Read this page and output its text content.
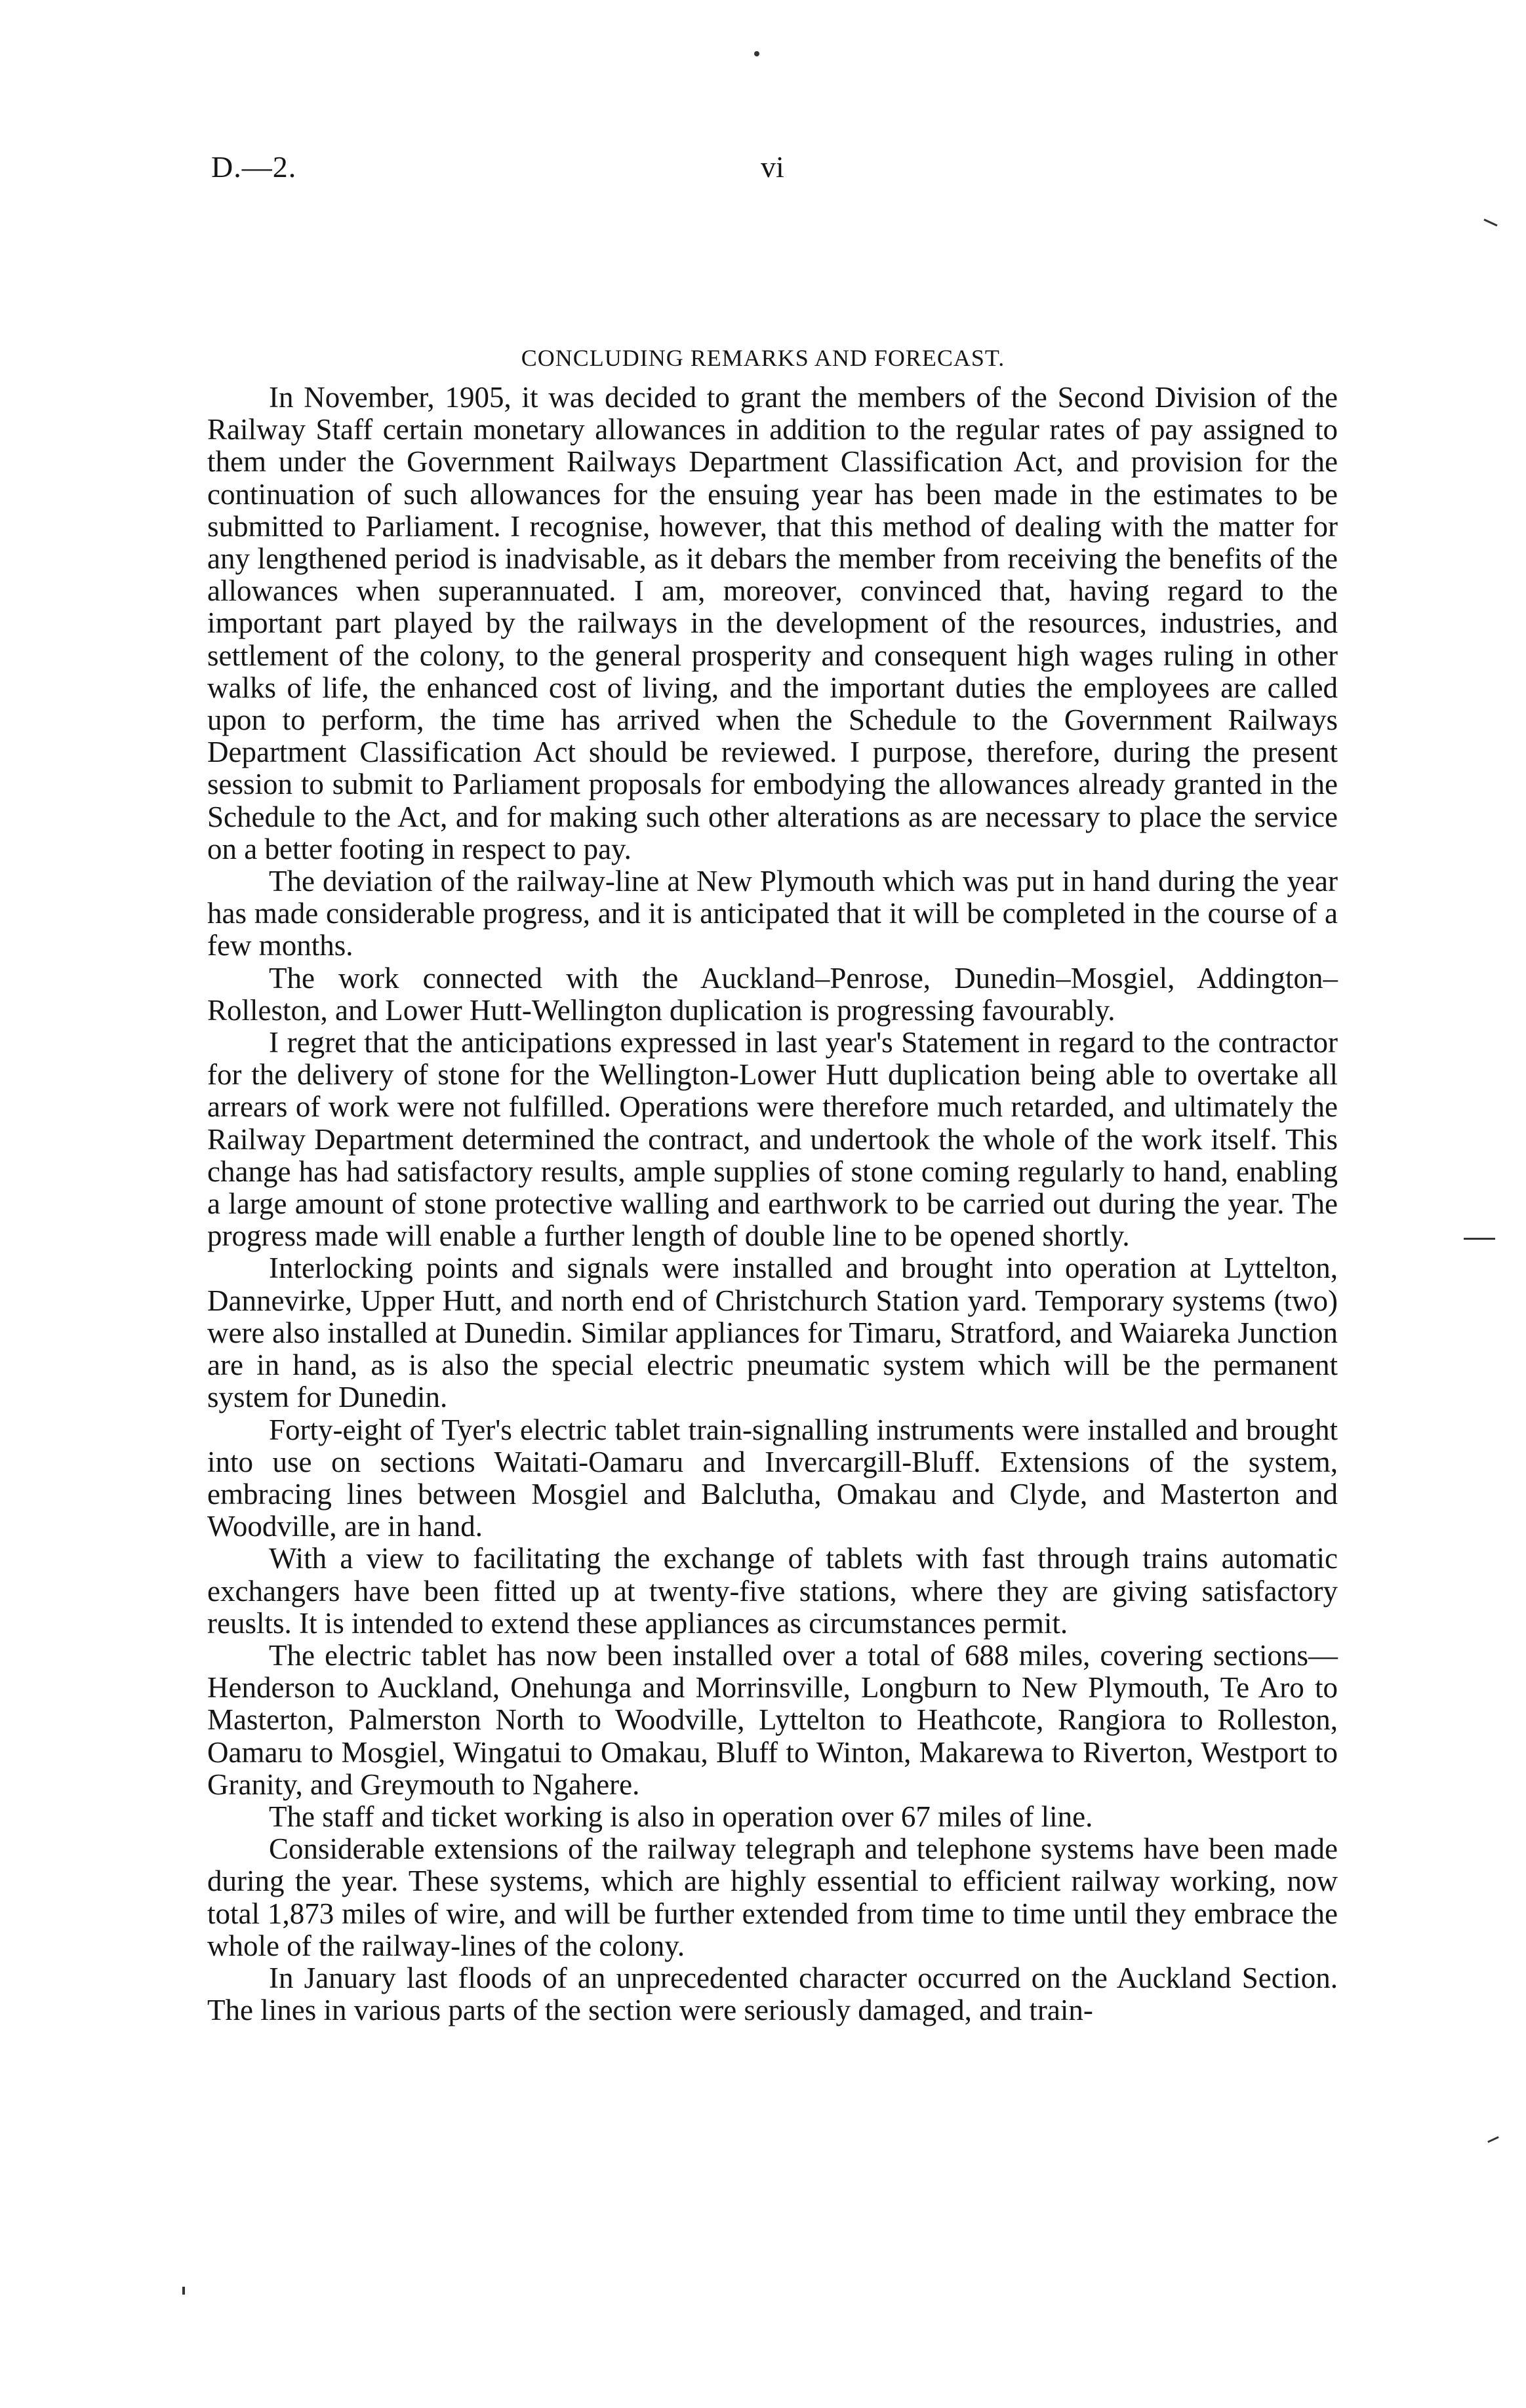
D.—2.	vi
CONCLUDING REMARKS AND FORECAST.

In November, 1905, it was decided to grant the members of the Second Division of the Railway Staff certain monetary allowances in addition to the regular rates of pay assigned to them under the Government Railways Department Classification Act, and provision for the continuation of such allowances for the ensuing year has been made in the estimates to be submitted to Parliament. I recognise, however, that this method of dealing with the matter for any lengthened period is inadvisable, as it debars the member from receiving the benefits of the allowances when superannuated. I am, moreover, convinced that, having regard to the important part played by the railways in the development of the resources, industries, and settlement of the colony, to the general prosperity and consequent high wages ruling in other walks of life, the enhanced cost of living, and the important duties the employees are called upon to perform, the time has arrived when the Schedule to the Government Railways Department Classification Act should be reviewed. I purpose, therefore, during the present session to submit to Parliament proposals for embodying the allowances already granted in the Schedule to the Act, and for making such other alterations as are necessary to place the service on a better footing in respect to pay.

The deviation of the railway-line at New Plymouth which was put in hand during the year has made considerable progress, and it is anticipated that it will be completed in the course of a few months.

The work connected with the Auckland–Penrose, Dunedin–Mosgiel, Addington–Rolleston, and Lower Hutt-Wellington duplication is progressing favourably.

I regret that the anticipations expressed in last year's Statement in regard to the contractor for the delivery of stone for the Wellington-Lower Hutt duplication being able to overtake all arrears of work were not fulfilled. Operations were therefore much retarded, and ultimately the Railway Department determined the contract, and undertook the whole of the work itself. This change has had satisfactory results, ample supplies of stone coming regularly to hand, enabling a large amount of stone protective walling and earthwork to be carried out during the year. The progress made will enable a further length of double line to be opened shortly.

Interlocking points and signals were installed and brought into operation at Lyttelton, Dannevirke, Upper Hutt, and north end of Christchurch Station yard. Temporary systems (two) were also installed at Dunedin. Similar appliances for Timaru, Stratford, and Waiareka Junction are in hand, as is also the special electric pneumatic system which will be the permanent system for Dunedin.

Forty-eight of Tyer's electric tablet train-signalling instruments were installed and brought into use on sections Waitati-Oamaru and Invercargill-Bluff. Extensions of the system, embracing lines between Mosgiel and Balclutha, Omakau and Clyde, and Masterton and Woodville, are in hand.

With a view to facilitating the exchange of tablets with fast through trains automatic exchangers have been fitted up at twenty-five stations, where they are giving satisfactory reuslts. It is intended to extend these appliances as circumstances permit.

The electric tablet has now been installed over a total of 688 miles, covering sections—Henderson to Auckland, Onehunga and Morrinsville, Longburn to New Plymouth, Te Aro to Masterton, Palmerston North to Woodville, Lyttelton to Heathcote, Rangiora to Rolleston, Oamaru to Mosgiel, Wingatui to Omakau, Bluff to Winton, Makarewa to Riverton, Westport to Granity, and Greymouth to Ngahere.

The staff and ticket working is also in operation over 67 miles of line.

Considerable extensions of the railway telegraph and telephone systems have been made during the year. These systems, which are highly essential to efficient railway working, now total 1,873 miles of wire, and will be further extended from time to time until they embrace the whole of the railway-lines of the colony.

In January last floods of an unprecedented character occurred on the Auckland Section. The lines in various parts of the section were seriously damaged, and train-
